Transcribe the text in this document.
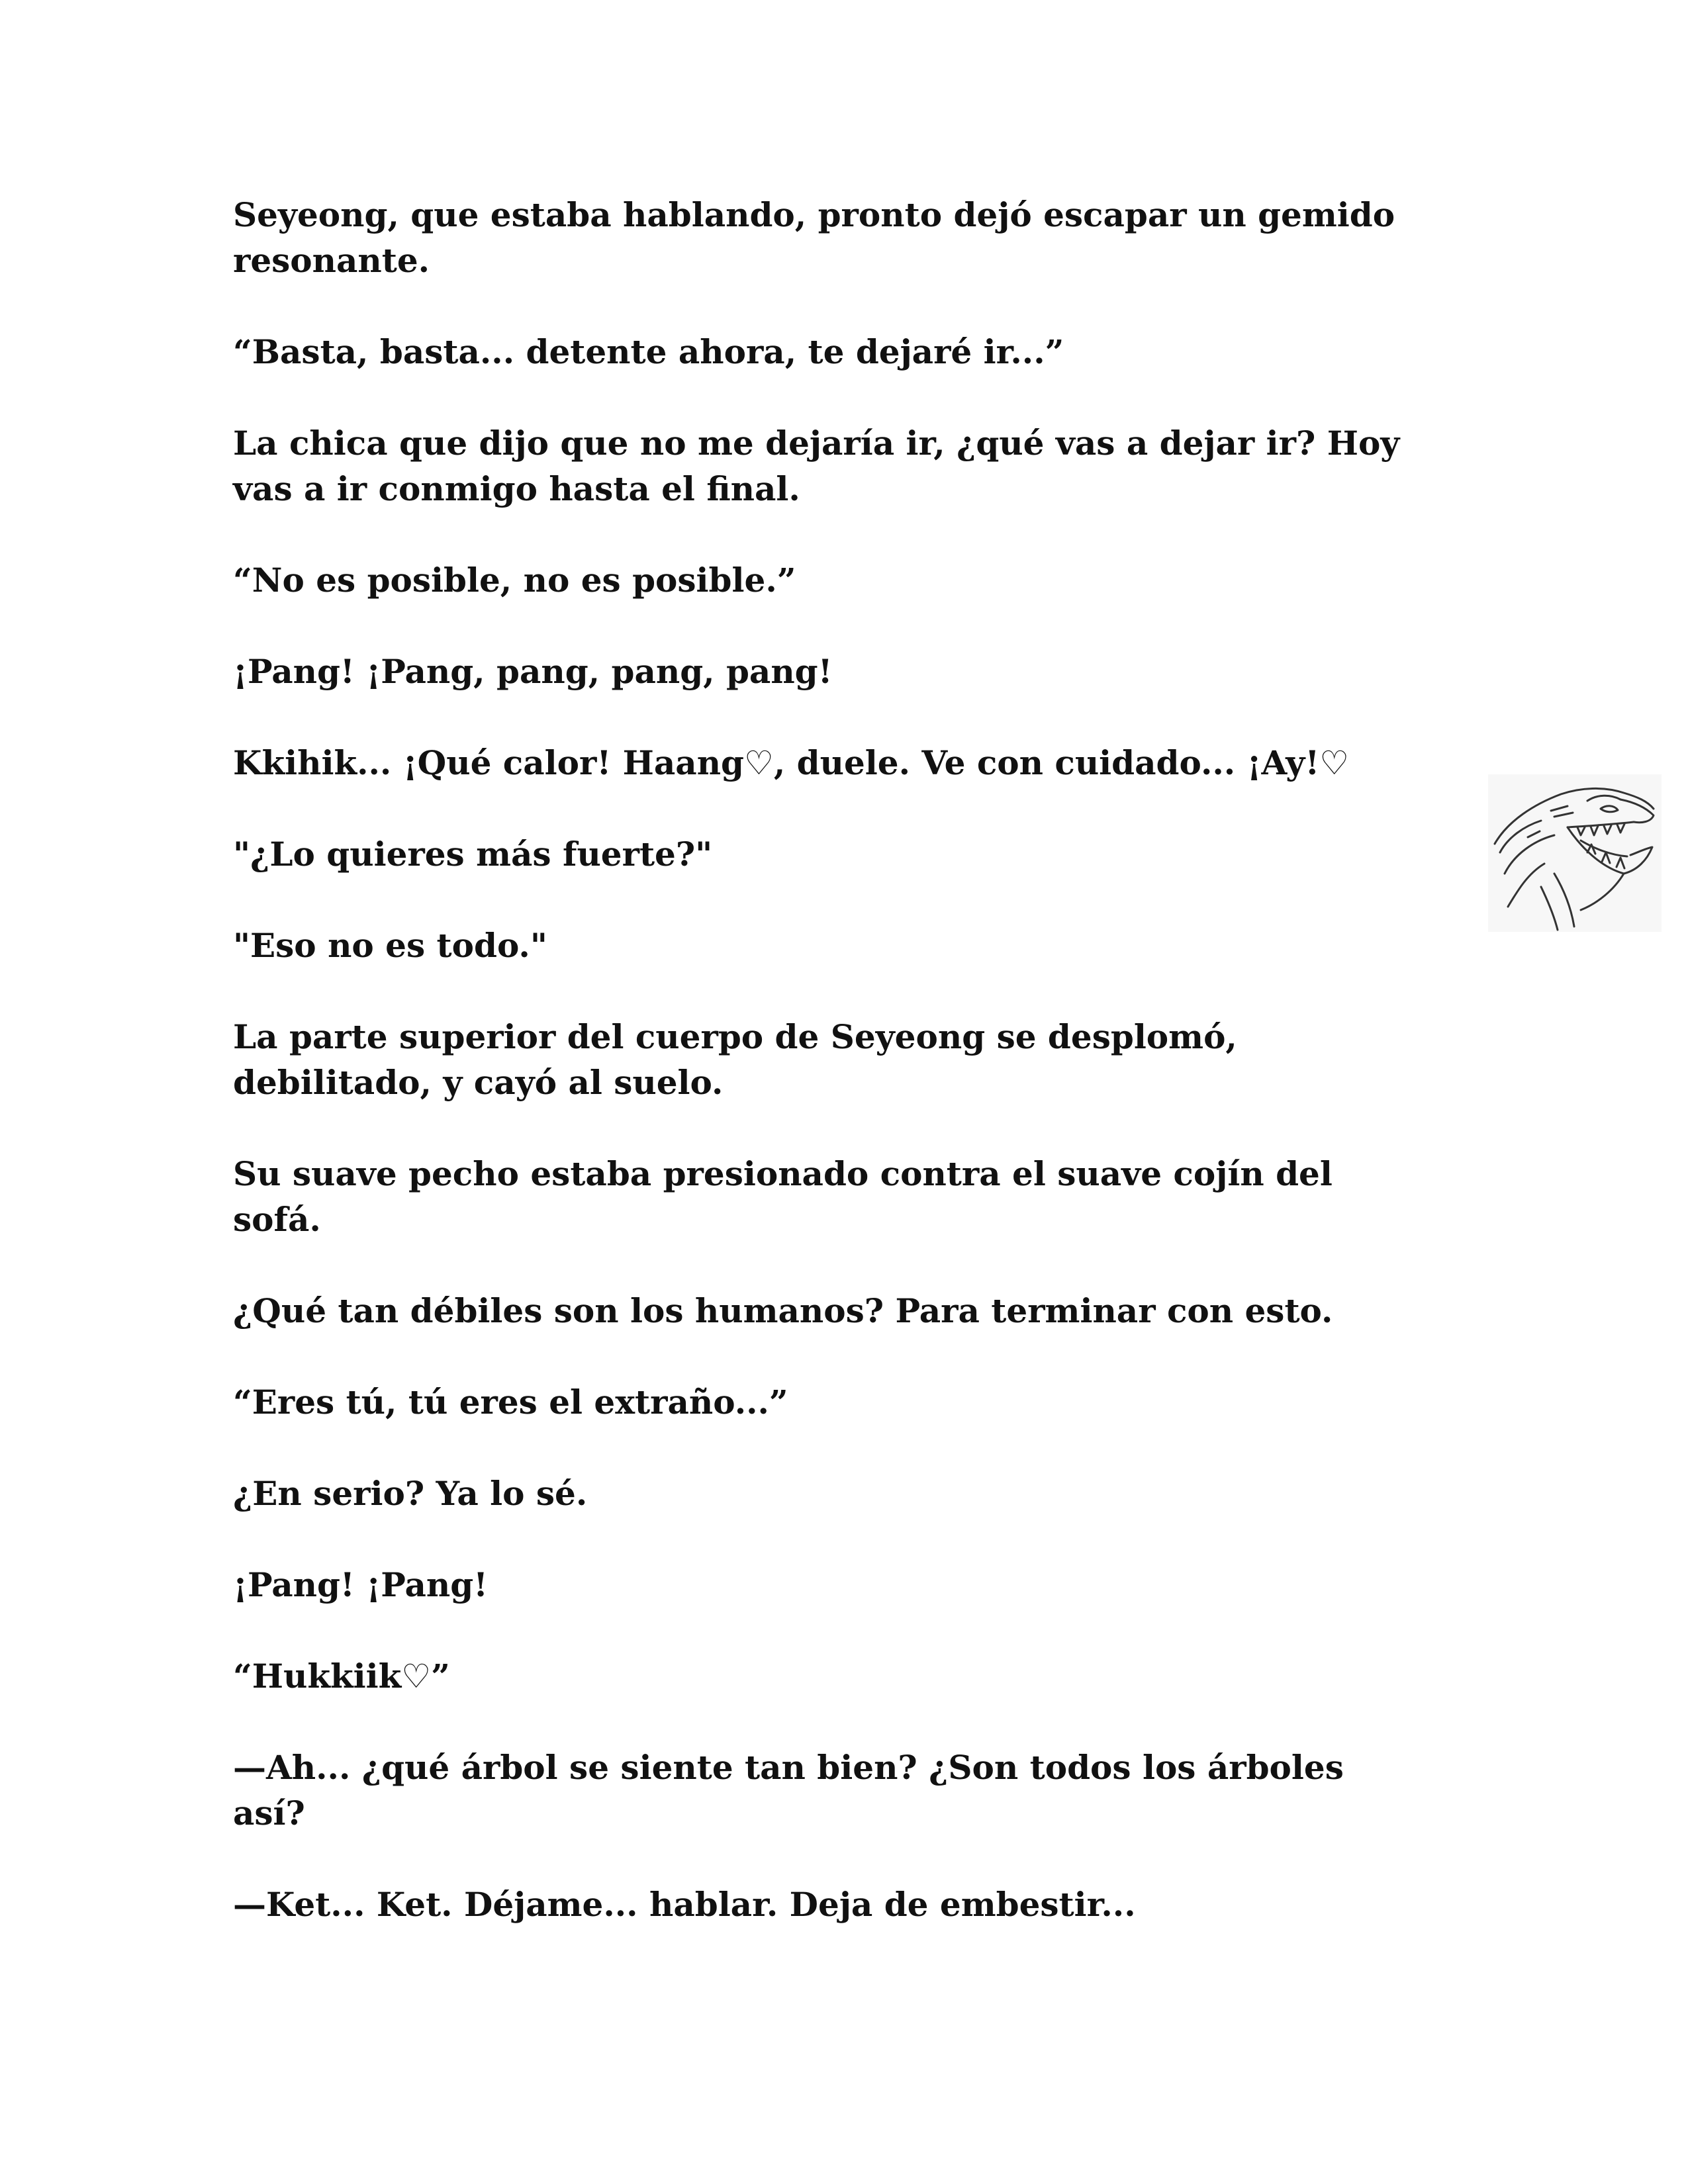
Seyeong, que estaba hablando, pronto dejó escapar un gemido resonante.

“Basta, basta... detente ahora, te dejaré ir...”

La chica que dijo que no me dejaría ir, ¿qué vas a dejar ir? Hoy vas a ir conmigo hasta el final.

“No es posible, no es posible.”

¡Pang! ¡Pang, pang, pang, pang!

Kkihik... ¡Qué calor! Haang♡, duele. Ve con cuidado... ¡Ay!♡

"¿Lo quieres más fuerte?"

"Eso no es todo."

La parte superior del cuerpo de Seyeong se desplomó, debilitado, y cayó al suelo.

Su suave pecho estaba presionado contra el suave cojín del sofá.

¿Qué tan débiles son los humanos? Para terminar con esto.

“Eres tú, tú eres el extraño...”

¿En serio? Ya lo sé.

¡Pang! ¡Pang!

“Hukkiik♡”

—Ah... ¿qué árbol se siente tan bien? ¿Son todos los árboles así?

—Ket... Ket. Déjame... hablar. Deja de embestir...
